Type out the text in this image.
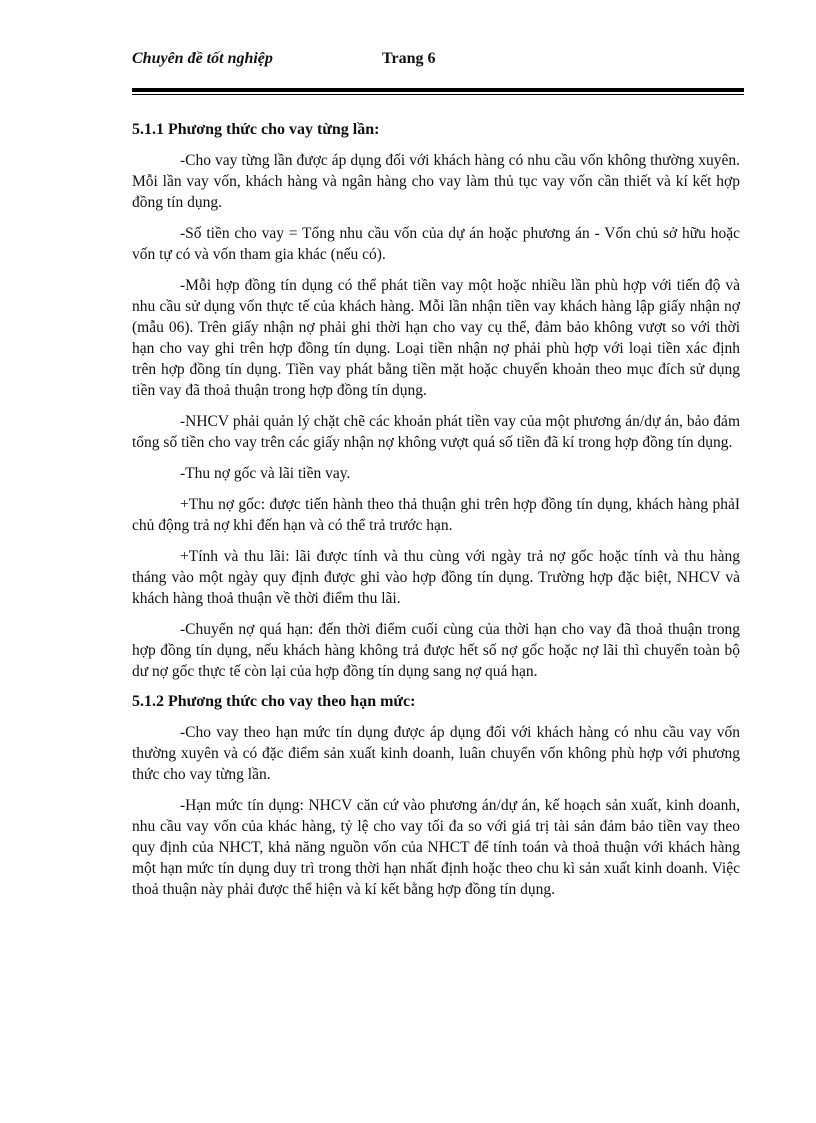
Chuyên đề tốt nghiệp	Trang 6

5.1.1 Phương thức cho vay từng lần:

-Cho vay từng lần được áp dụng đối với khách hàng có nhu cầu vốn không thường xuyên. Mỗi lần vay vốn, khách hàng và ngân hàng cho vay làm thủ tục vay vốn cần thiết và kí kết hợp đồng tín dụng.

-Số tiền cho vay = Tổng nhu cầu vốn của dự án hoặc phương án - Vốn chủ sở hữu hoặc vốn tự có và vốn tham gia khác (nếu có).

-Mỗi hợp đồng tín dụng có thể phát tiền vay một hoặc nhiều lần phù hợp với tiến độ và nhu cầu sử dụng vốn thực tế của khách hàng. Mỗi lần nhận tiền vay khách hàng lập giấy nhận nợ (mẫu 06). Trên giấy nhận nợ phải ghi thời hạn cho vay cụ thể, đảm bảo không vượt so với thời hạn cho vay ghi trên hợp đồng tín dụng. Loại tiền nhận nợ phải phù hợp với loại tiền xác định trên hợp đồng tín dụng. Tiền vay phát bằng tiền mặt hoặc chuyển khoản theo mục đích sử dụng tiền vay đã thoả thuận trong hợp đồng tín dụng.

-NHCV phải quản lý chặt chẽ các khoản phát tiền vay của một phương án/dự án, bảo đảm tổng số tiền cho vay trên các giấy nhận nợ không vượt quá số tiền đã kí trong hợp đồng tín dụng.

-Thu nợ gốc và lãi tiền vay.

+Thu nợ gốc: được tiến hành theo thả thuận ghi trên hợp đồng tín dụng, khách hàng phảI chủ động trả nợ khi đến hạn và có thể trả trước hạn.

+Tính và thu lãi: lãi được tính và thu cùng với ngày trả nợ gốc hoặc tính và thu hàng tháng vào một ngày quy định được ghi vào hợp đồng tín dụng. Trường hợp đặc biệt, NHCV và khách hàng thoả thuận về thời điểm thu lãi.

-Chuyển nợ quá hạn: đến thời điểm cuối cùng của thời hạn cho vay đã thoả thuận trong hợp đồng tín dụng, nếu khách hàng không trả được hết số nợ gốc hoặc nợ lãi thì chuyển toàn bộ dư nợ gốc thực tế còn lại của hợp đồng tín dụng sang nợ quá hạn.

5.1.2 Phương thức cho vay theo hạn mức:

-Cho vay theo hạn mức tín dụng được áp dụng đối với khách hàng có nhu cầu vay vốn thường xuyên và có đặc điểm sản xuất kinh doanh, luân chuyển vốn không phù hợp với phương thức cho vay từng lần.

-Hạn mức tín dụng: NHCV căn cứ vào phương án/dự án, kế hoạch sản xuất, kinh doanh, nhu cầu vay vốn của khác hàng, tỷ lệ cho vay tối đa so với giá trị tài sản đảm bảo tiền vay theo quy định của NHCT, khả năng nguồn vốn của NHCT để tính toán và thoả thuận với khách hàng một hạn mức tín dụng duy trì trong thời hạn nhất định hoặc theo chu kì sản xuất kinh doanh. Việc thoả thuận này phải được thể hiện và kí kết bằng hợp đồng tín dụng.
